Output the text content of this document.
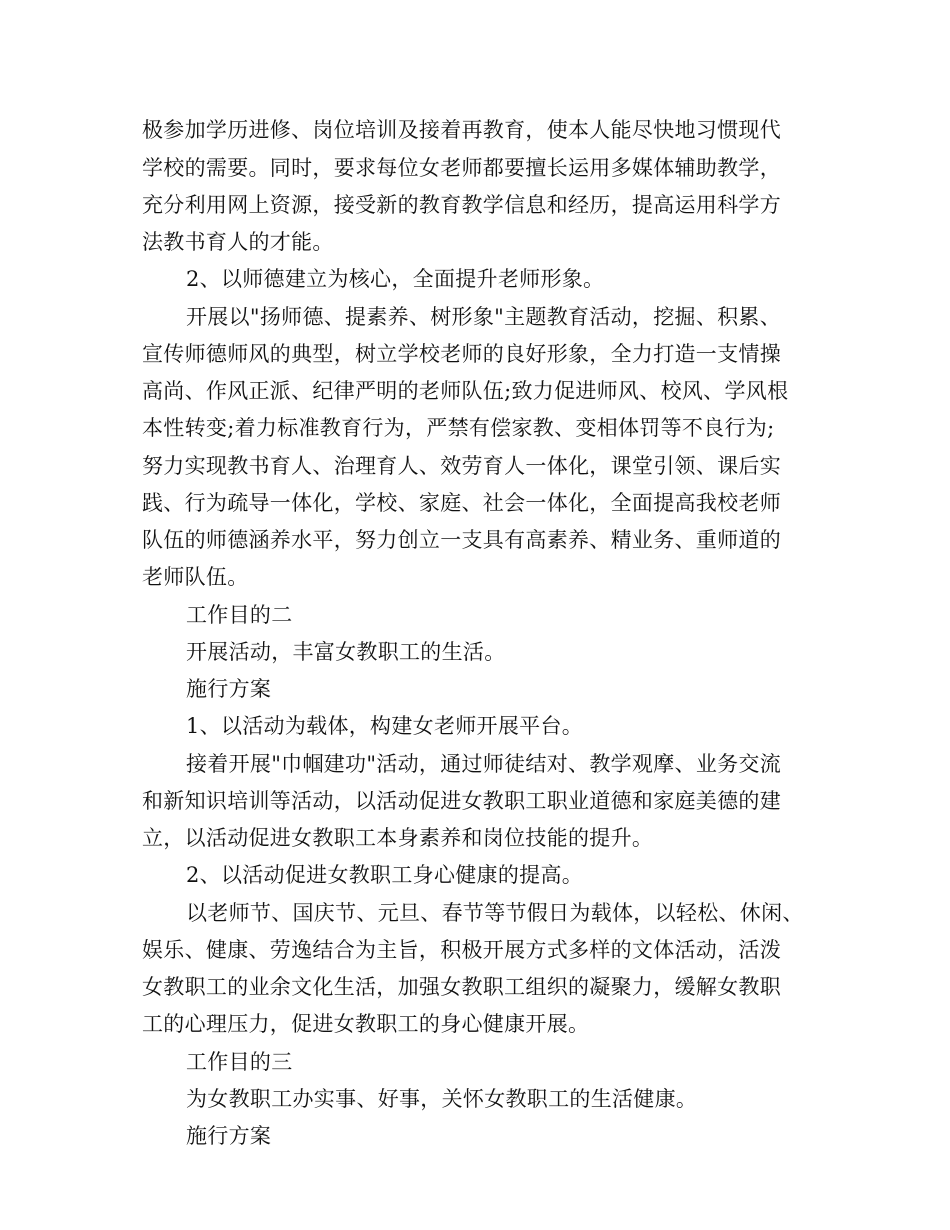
极参加学历进修、岗位培训及接着再教育，使本人能尽快地习惯现代
学校的需要。同时，要求每位女老师都要擅长运用多媒体辅助教学，
充分利用网上资源，接受新的教育教学信息和经历，提高运用科学方
法教书育人的才能。
2、以师德建立为核心，全面提升老师形象。
开展以"扬师德、提素养、树形象"主题教育活动，挖掘、积累、
宣传师德师风的典型，树立学校老师的良好形象，全力打造一支情操
高尚、作风正派、纪律严明的老师队伍;致力促进师风、校风、学风根
本性转变;着力标准教育行为，严禁有偿家教、变相体罚等不良行为;
努力实现教书育人、治理育人、效劳育人一体化，课堂引领、课后实
践、行为疏导一体化，学校、家庭、社会一体化，全面提高我校老师
队伍的师德涵养水平，努力创立一支具有高素养、精业务、重师道的
老师队伍。
工作目的二
开展活动，丰富女教职工的生活。
施行方案
1、以活动为载体，构建女老师开展平台。
接着开展"巾帼建功"活动，通过师徒结对、教学观摩、业务交流
和新知识培训等活动，以活动促进女教职工职业道德和家庭美德的建
立，以活动促进女教职工本身素养和岗位技能的提升。
2、以活动促进女教职工身心健康的提高。
以老师节、国庆节、元旦、春节等节假日为载体，以轻松、休闲、
娱乐、健康、劳逸结合为主旨，积极开展方式多样的文体活动，活泼
女教职工的业余文化生活，加强女教职工组织的凝聚力，缓解女教职
工的心理压力，促进女教职工的身心健康开展。
工作目的三
为女教职工办实事、好事，关怀女教职工的生活健康。
施行方案
